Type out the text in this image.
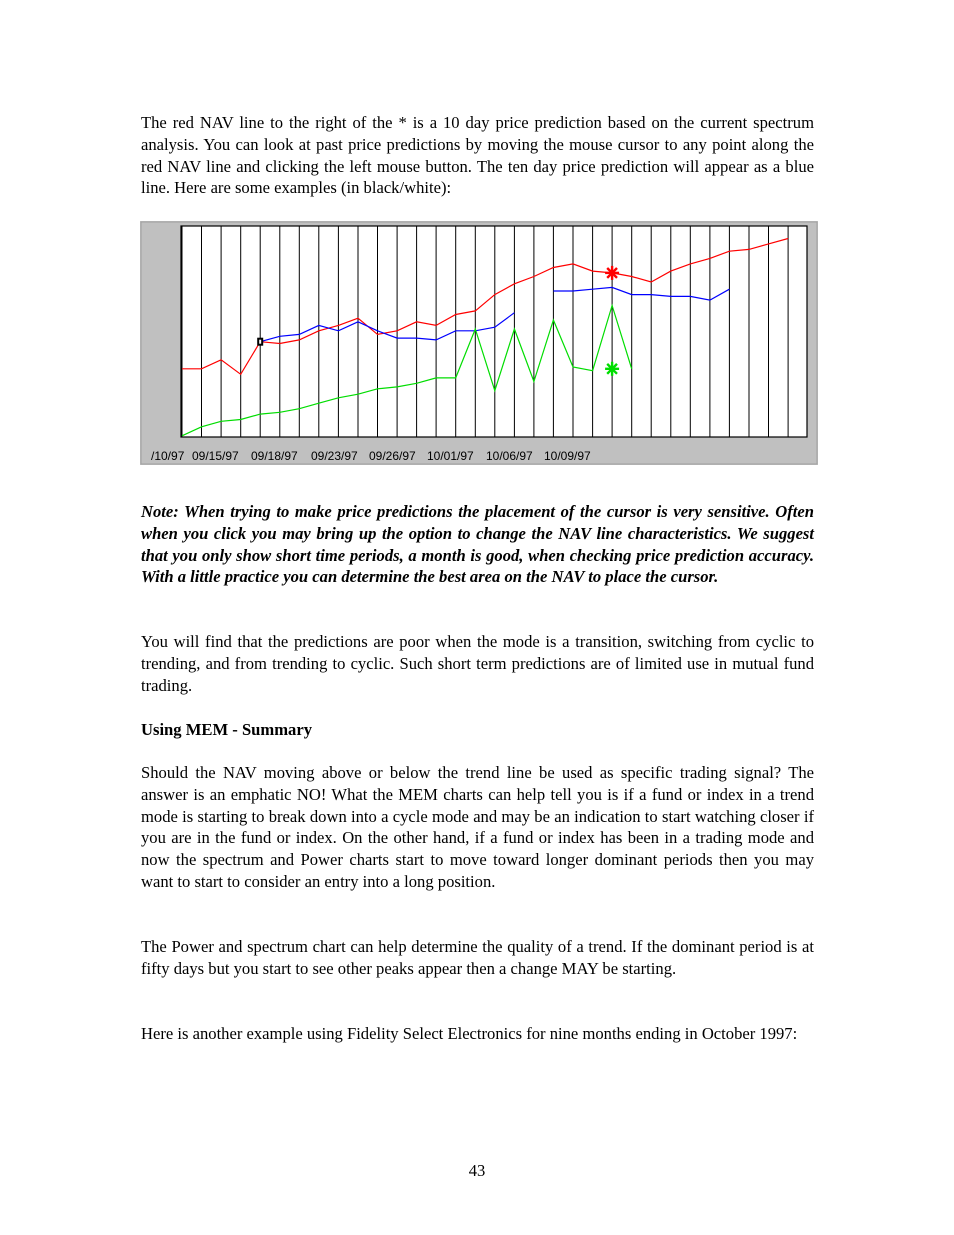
The red NAV line to the right of the * is a 10 day price prediction based on the current spectrum analysis. You can look at past price predictions by moving the mouse cursor to any point along the red NAV line and clicking the left mouse button. The ten day price prediction will appear as a blue line. Here are some examples (in black/white):

/10/97 09/15/97 09/18/97 09/23/97 09/26/97 10/01/97 10/06/97 10/09/97

Note: When trying to make price predictions the placement of the cursor is very sensitive. Often when you click you may bring up the option to change the NAV line characteristics. We suggest that you only show short time periods, a month is good, when checking price prediction accuracy. With a little practice you can determine the best area on the NAV to place the cursor.

You will find that the predictions are poor when the mode is a transition, switching from cyclic to trending, and from trending to cyclic. Such short term predictions are of limited use in mutual fund trading.

Using MEM - Summary

Should the NAV moving above or below the trend line be used as specific trading signal? The answer is an emphatic NO! What the MEM charts can help tell you is if a fund or index in a trend mode is starting to break down into a cycle mode and may be an indication to start watching closer if you are in the fund or index. On the other hand, if a fund or index has been in a trading mode and now the spectrum and Power charts start to move toward longer dominant periods then you may want to start to consider an entry into a long position.

The Power and spectrum chart can help determine the quality of a trend. If the dominant period is at fifty days but you start to see other peaks appear then a change MAY be starting.

Here is another example using Fidelity Select Electronics for nine months ending in October 1997:

43
